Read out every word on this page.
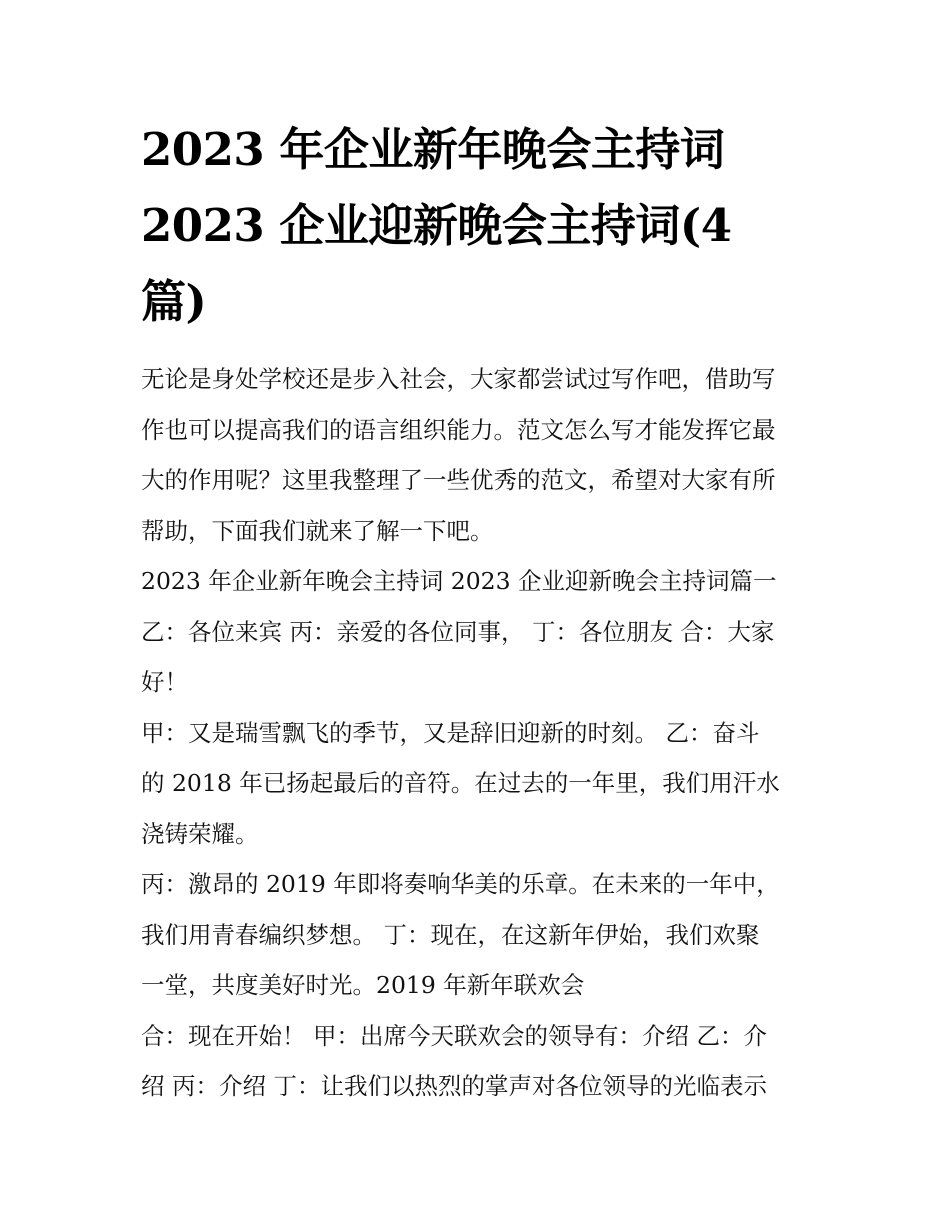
2023 年企业新年晚会主持词
2023 企业迎新晚会主持词(4
篇)

无论是身处学校还是步入社会，大家都尝试过写作吧，借助写
作也可以提高我们的语言组织能力。范文怎么写才能发挥它最
大的作用呢？这里我整理了一些优秀的范文，希望对大家有所
帮助，下面我们就来了解一下吧。

2023 年企业新年晚会主持词 2023 企业迎新晚会主持词篇一

乙：各位来宾 丙：亲爱的各位同事， 丁：各位朋友 合：大家
好！

甲：又是瑞雪飘飞的季节，又是辞旧迎新的时刻。 乙：奋斗
的 2018 年已扬起最后的音符。在过去的一年里，我们用汗水
浇铸荣耀。

丙：激昂的 2019 年即将奏响华美的乐章。在未来的一年中，
我们用青春编织梦想。 丁：现在，在这新年伊始，我们欢聚
一堂，共度美好时光。2019 年新年联欢会

合：现在开始！ 甲：出席今天联欢会的领导有：介绍 乙：介
绍 丙：介绍 丁：让我们以热烈的掌声对各位领导的光临表示
